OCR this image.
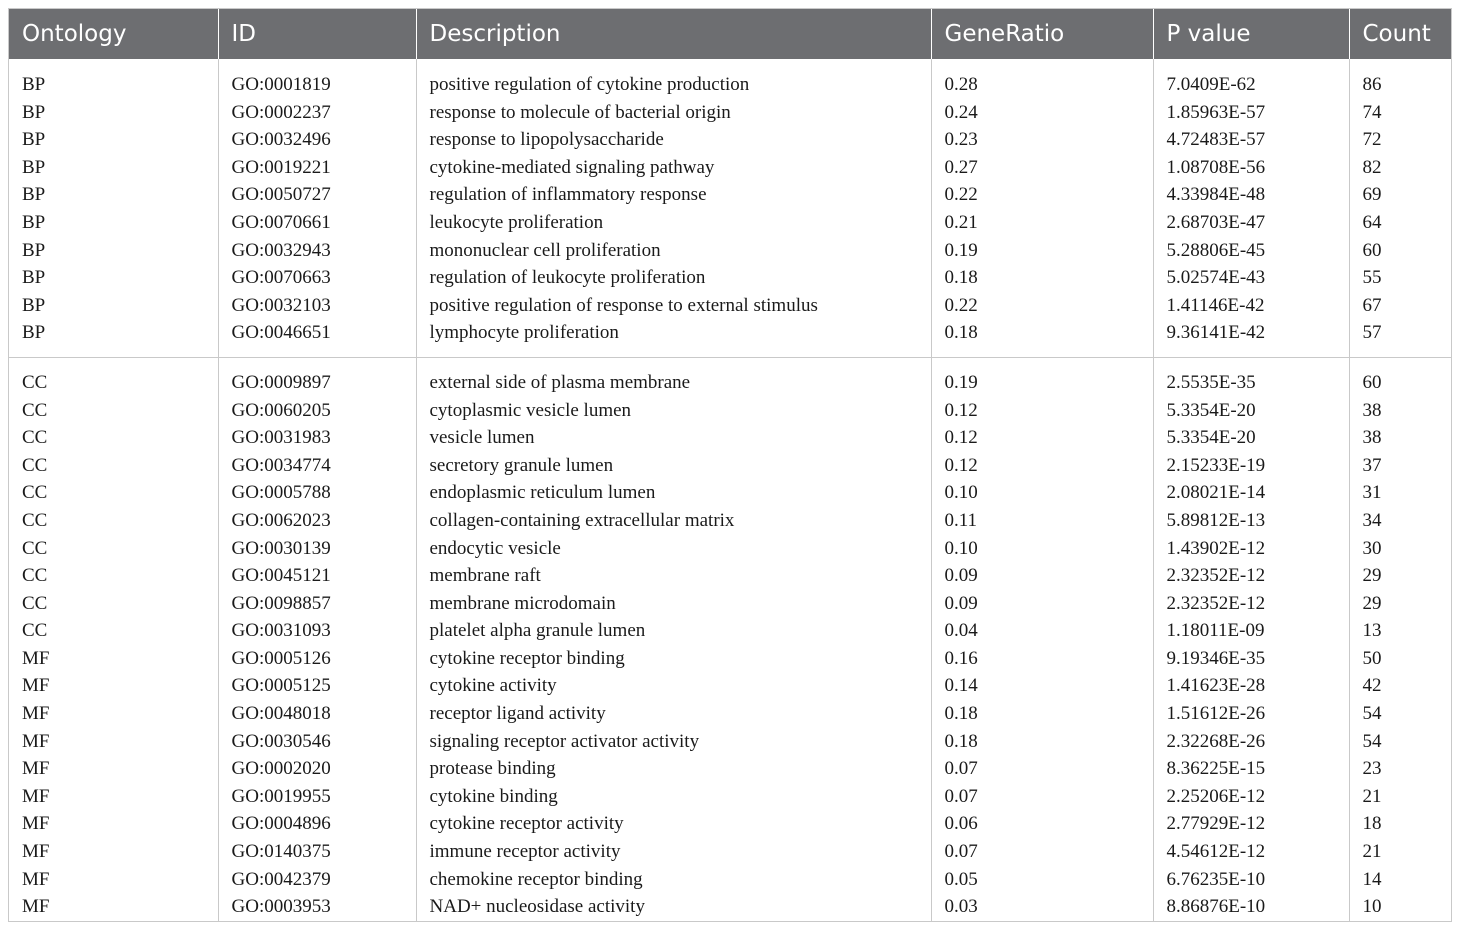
Ontology	ID	Description	GeneRatio	P value	Count

BP	GO:0001819	positive regulation of cytokine production	0.28	7.0409E-62	86
BP	GO:0002237	response to molecule of bacterial origin	0.24	1.85963E-57	74
BP	GO:0032496	response to lipopolysaccharide	0.23	4.72483E-57	72
BP	GO:0019221	cytokine-mediated signaling pathway	0.27	1.08708E-56	82
BP	GO:0050727	regulation of inflammatory response	0.22	4.33984E-48	69
BP	GO:0070661	leukocyte proliferation	0.21	2.68703E-47	64
BP	GO:0032943	mononuclear cell proliferation	0.19	5.28806E-45	60
BP	GO:0070663	regulation of leukocyte proliferation	0.18	5.02574E-43	55
BP	GO:0032103	positive regulation of response to external stimulus	0.22	1.41146E-42	67
BP	GO:0046651	lymphocyte proliferation	0.18	9.36141E-42	57

CC	GO:0009897	external side of plasma membrane	0.19	2.5535E-35	60
CC	GO:0060205	cytoplasmic vesicle lumen	0.12	5.3354E-20	38
CC	GO:0031983	vesicle lumen	0.12	5.3354E-20	38
CC	GO:0034774	secretory granule lumen	0.12	2.15233E-19	37
CC	GO:0005788	endoplasmic reticulum lumen	0.10	2.08021E-14	31
CC	GO:0062023	collagen-containing extracellular matrix	0.11	5.89812E-13	34
CC	GO:0030139	endocytic vesicle	0.10	1.43902E-12	30
CC	GO:0045121	membrane raft	0.09	2.32352E-12	29
CC	GO:0098857	membrane microdomain	0.09	2.32352E-12	29
CC	GO:0031093	platelet alpha granule lumen	0.04	1.18011E-09	13
MF	GO:0005126	cytokine receptor binding	0.16	9.19346E-35	50
MF	GO:0005125	cytokine activity	0.14	1.41623E-28	42
MF	GO:0048018	receptor ligand activity	0.18	1.51612E-26	54
MF	GO:0030546	signaling receptor activator activity	0.18	2.32268E-26	54
MF	GO:0002020	protease binding	0.07	8.36225E-15	23
MF	GO:0019955	cytokine binding	0.07	2.25206E-12	21
MF	GO:0004896	cytokine receptor activity	0.06	2.77929E-12	18
MF	GO:0140375	immune receptor activity	0.07	4.54612E-12	21
MF	GO:0042379	chemokine receptor binding	0.05	6.76235E-10	14
MF	GO:0003953	NAD+ nucleosidase activity	0.03	8.86876E-10	10
